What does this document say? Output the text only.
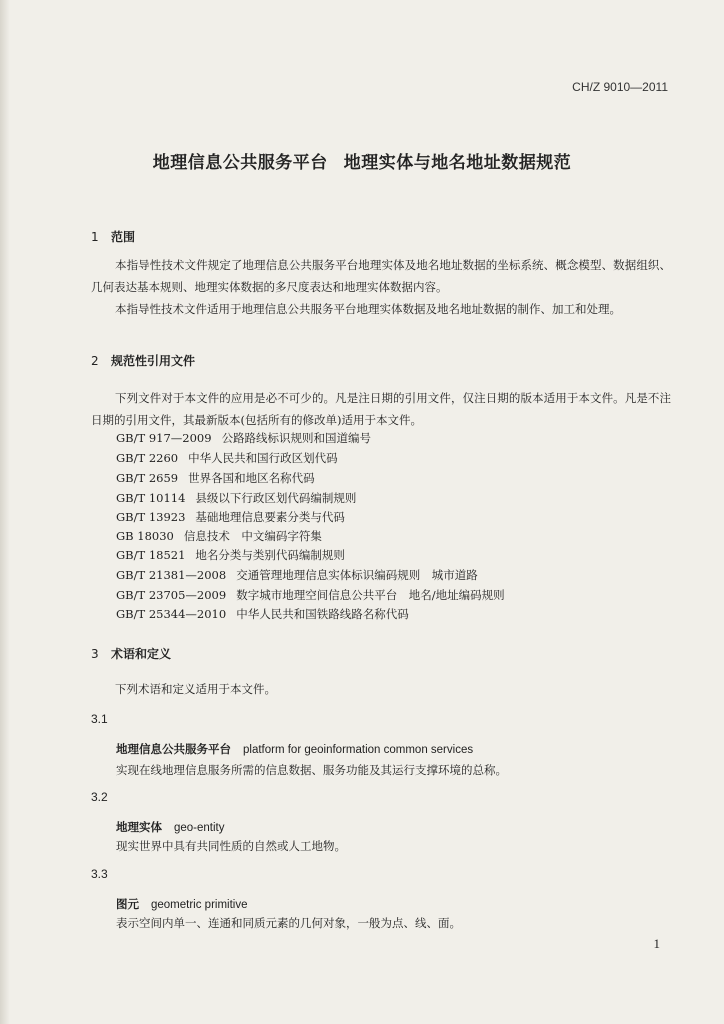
CH/Z 9010—2011
地理信息公共服务平台 地理实体与地名地址数据规范
1 范围

本指导性技术文件规定了地理信息公共服务平台地理实体及地名地址数据的坐标系统、概念模型、数据组织、几何表达基本规则、地理实体数据的多尺度表达和地理实体数据内容。

本指导性技术文件适用于地理信息公共服务平台地理实体数据及地名地址数据的制作、加工和处理。

2 规范性引用文件

下列文件对于本文件的应用是必不可少的。凡是注日期的引用文件，仅注日期的版本适用于本文件。凡是不注日期的引用文件，其最新版本(包括所有的修改单)适用于本文件。

GB/T 917—2009 公路路线标识规则和国道编号
GB/T 2260 中华人民共和国行政区划代码
GB/T 2659 世界各国和地区名称代码
GB/T 10114 县级以下行政区划代码编制规则
GB/T 13923 基础地理信息要素分类与代码
GB 18030 信息技术　中文编码字符集
GB/T 18521 地名分类与类别代码编制规则
GB/T 21381—2008 交通管理地理信息实体标识编码规则　城市道路
GB/T 23705—2009 数字城市地理空间信息公共平台　地名/地址编码规则
GB/T 25344—2010 中华人民共和国铁路线路名称代码
3 术语和定义

下列术语和定义适用于本文件。

3.1
地理信息公共服务平台 platform for geoinformation common services
实现在线地理信息服务所需的信息数据、服务功能及其运行支撑环境的总称。
3.2
地理实体 geo-entity
现实世界中具有共同性质的自然或人工地物。
3.3
图元 geometric primitive
表示空间内单一、连通和同质元素的几何对象，一般为点、线、面。
1
